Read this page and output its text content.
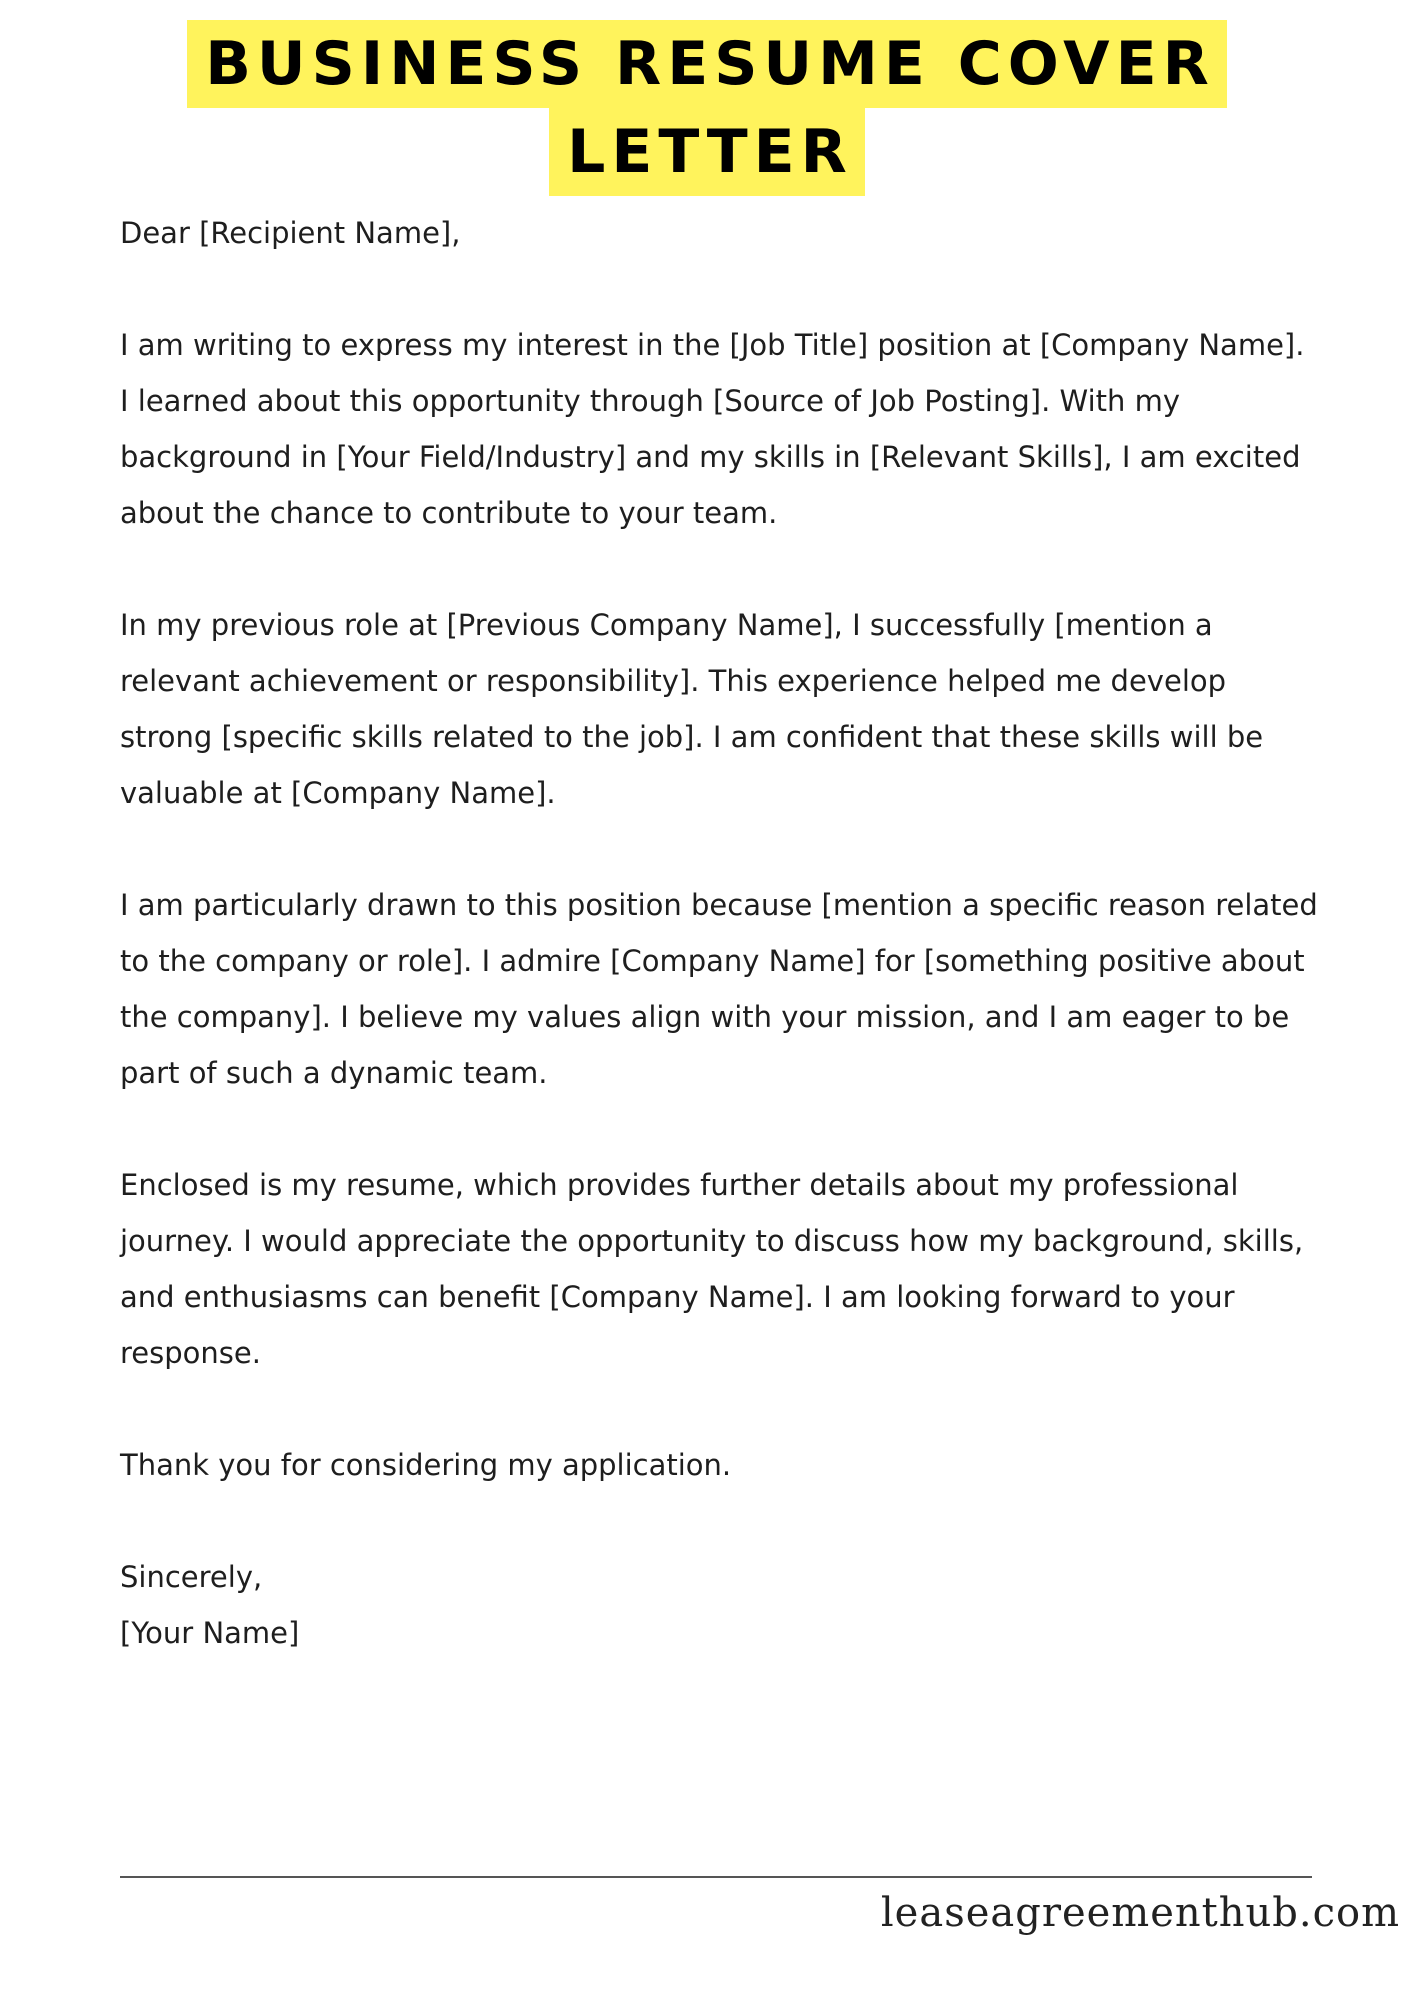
BUSINESS RESUME COVER
LETTER

Dear [Recipient Name],

I am writing to express my interest in the [Job Title] position at [Company Name]. I learned about this opportunity through [Source of Job Posting]. With my background in [Your Field/Industry] and my skills in [Relevant Skills], I am excited about the chance to contribute to your team.

In my previous role at [Previous Company Name], I successfully [mention a relevant achievement or responsibility]. This experience helped me develop strong [specific skills related to the job]. I am confident that these skills will be valuable at [Company Name].

I am particularly drawn to this position because [mention a specific reason related to the company or role]. I admire [Company Name] for [something positive about the company]. I believe my values align with your mission, and I am eager to be part of such a dynamic team.

Enclosed is my resume, which provides further details about my professional journey. I would appreciate the opportunity to discuss how my background, skills, and enthusiasms can benefit [Company Name]. I am looking forward to your response.

Thank you for considering my application.

Sincerely,

[Your Name]

leaseagreementhub.com
